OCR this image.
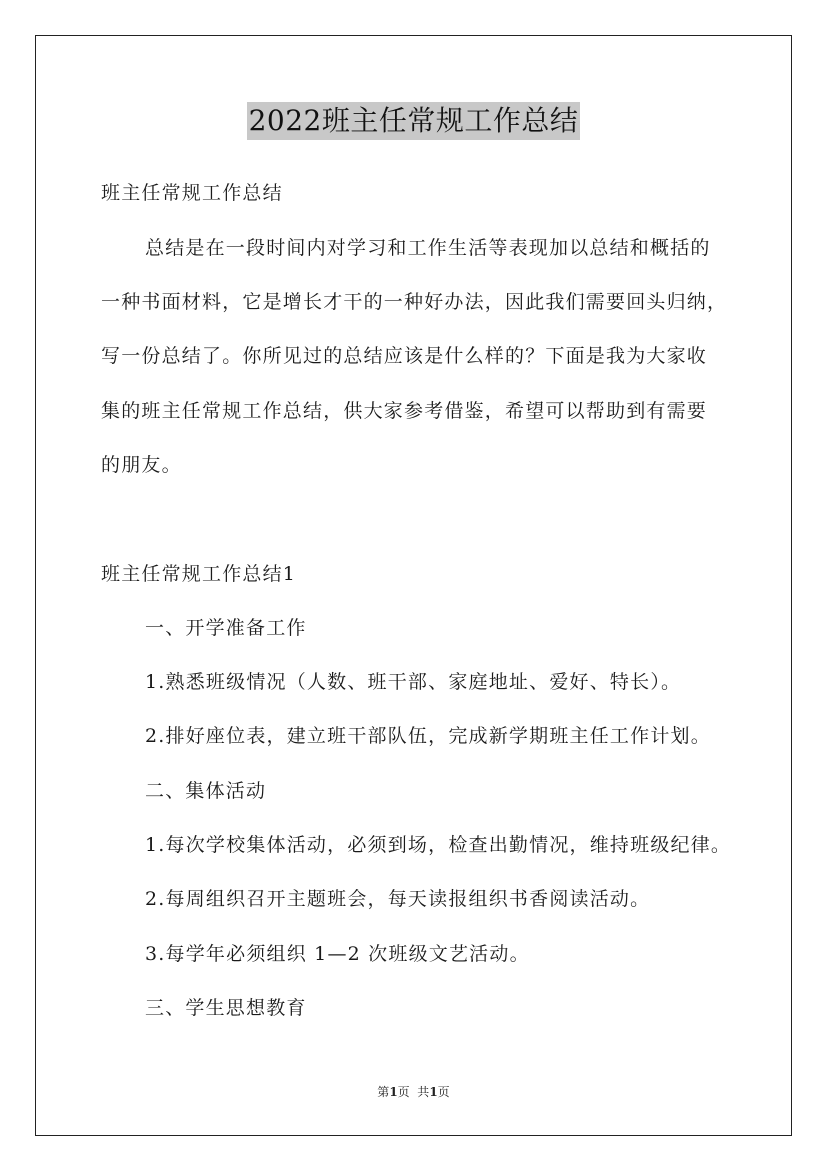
2022班主任常规工作总结
班主任常规工作总结
总结是在一段时间内对学习和工作生活等表现加以总结和概括的
一种书面材料，它是增长才干的一种好办法，因此我们需要回头归纳，
写一份总结了。你所见过的总结应该是什么样的？下面是我为大家收
集的班主任常规工作总结，供大家参考借鉴，希望可以帮助到有需要
的朋友。
班主任常规工作总结1
一、开学准备工作
1.熟悉班级情况（人数、班干部、家庭地址、爱好、特长）。
2.排好座位表，建立班干部队伍，完成新学期班主任工作计划。
二、集体活动
1.每次学校集体活动，必须到场，检查出勤情况，维持班级纪律。
2.每周组织召开主题班会，每天读报组织书香阅读活动。
3.每学年必须组织 1—2 次班级文艺活动。
三、学生思想教育
第1页  共1页
